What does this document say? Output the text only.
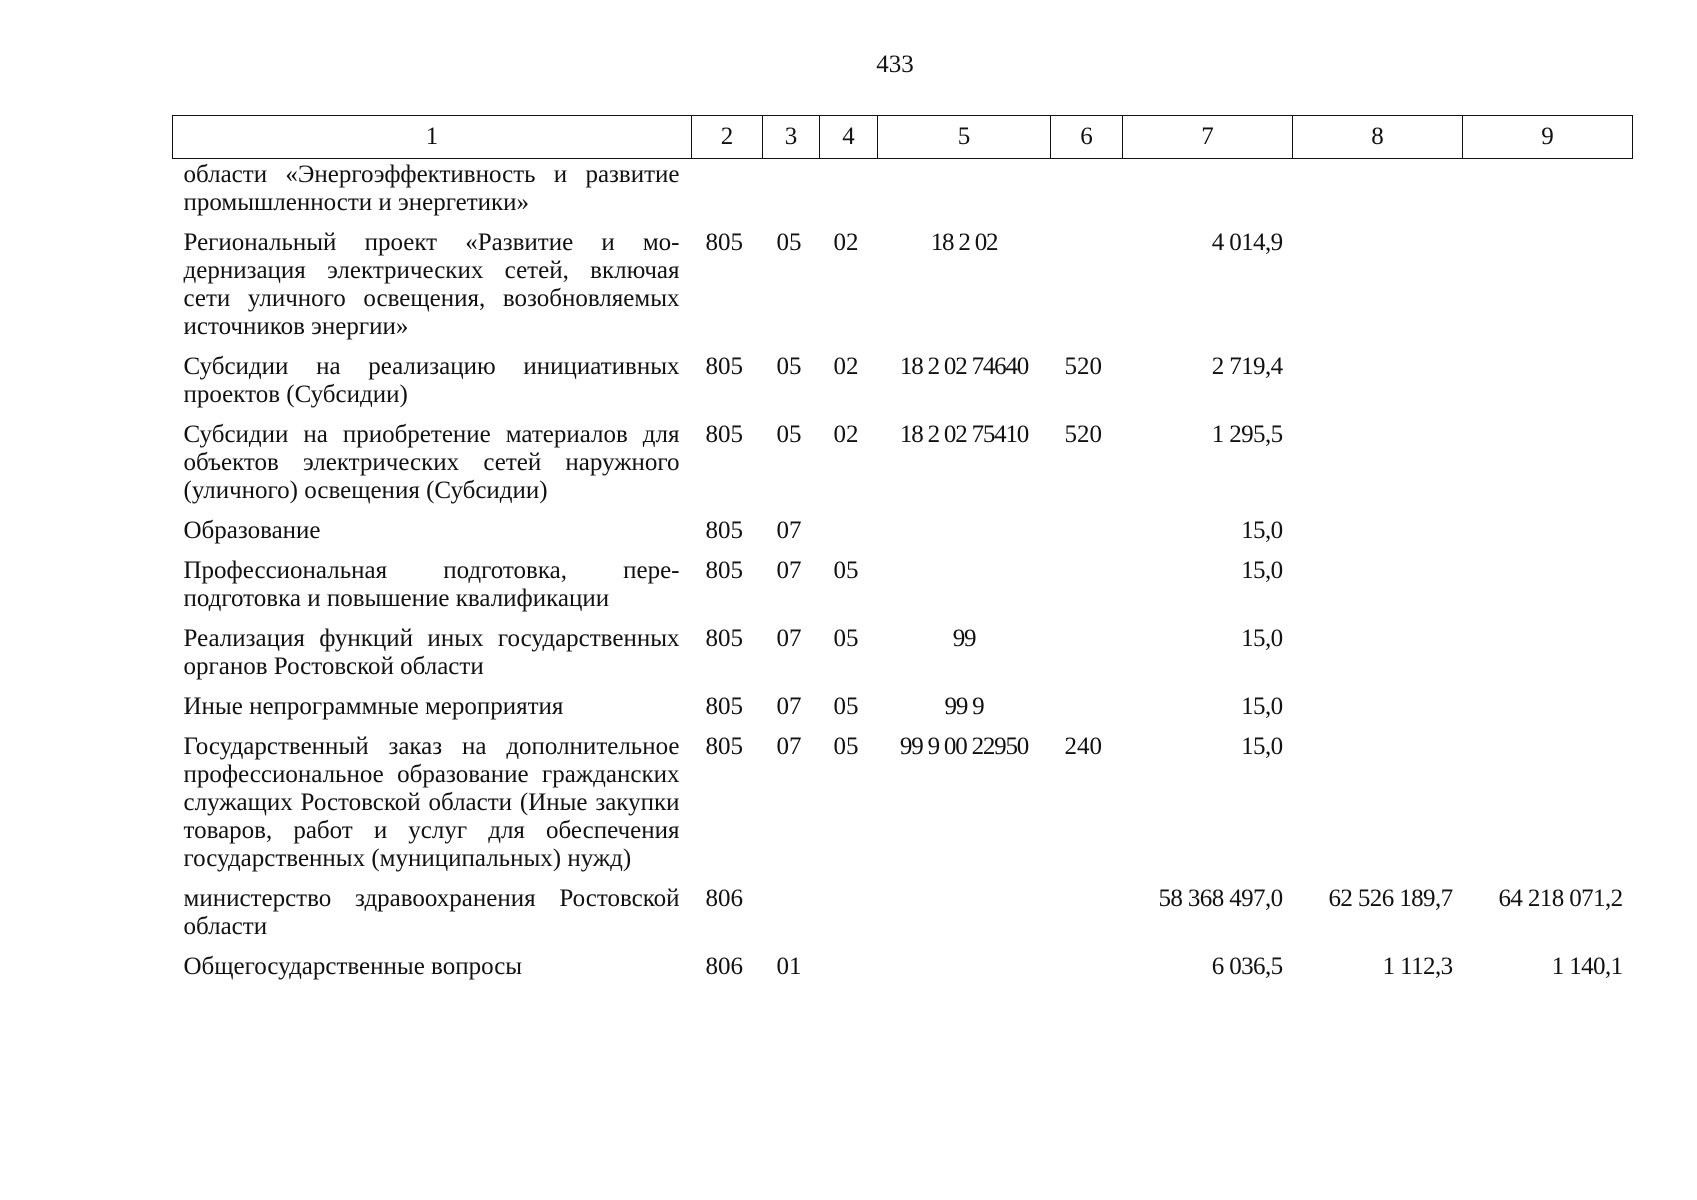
433
1	2	3	4	5	6	7	8	9
области «Энергоэффективность и развитие промышленности и энергетики»								
Региональный проект «Развитие и модернизация электрических сетей, включая сети уличного освещения, возобновляемых источников энергии»	805	05	02	18 2 02		4 014,9		
Субсидии на реализацию инициативных проектов (Субсидии)	805	05	02	18 2 02 74640	520	2 719,4		
Субсидии на приобретение материалов для объектов электрических сетей наружного (уличного) освещения (Субсидии)	805	05	02	18 2 02 75410	520	1 295,5		
Образование	805	07				15,0		
Профессиональная подготовка, переподготовка и повышение квалификации	805	07	05			15,0		
Реализация функций иных государственных органов Ростовской области	805	07	05	99		15,0		
Иные непрограммные мероприятия	805	07	05	99 9		15,0		
Государственный заказ на дополнительное профессиональное образование гражданских служащих Ростовской области (Иные закупки товаров, работ и услуг для обеспечения государственных (муниципальных) нужд)	805	07	05	99 9 00 22950	240	15,0		
министерство здравоохранения Ростовской области	806					58 368 497,0	62 526 189,7	64 218 071,2
Общегосударственные вопросы	806	01				6 036,5	1 112,3	1 140,1
